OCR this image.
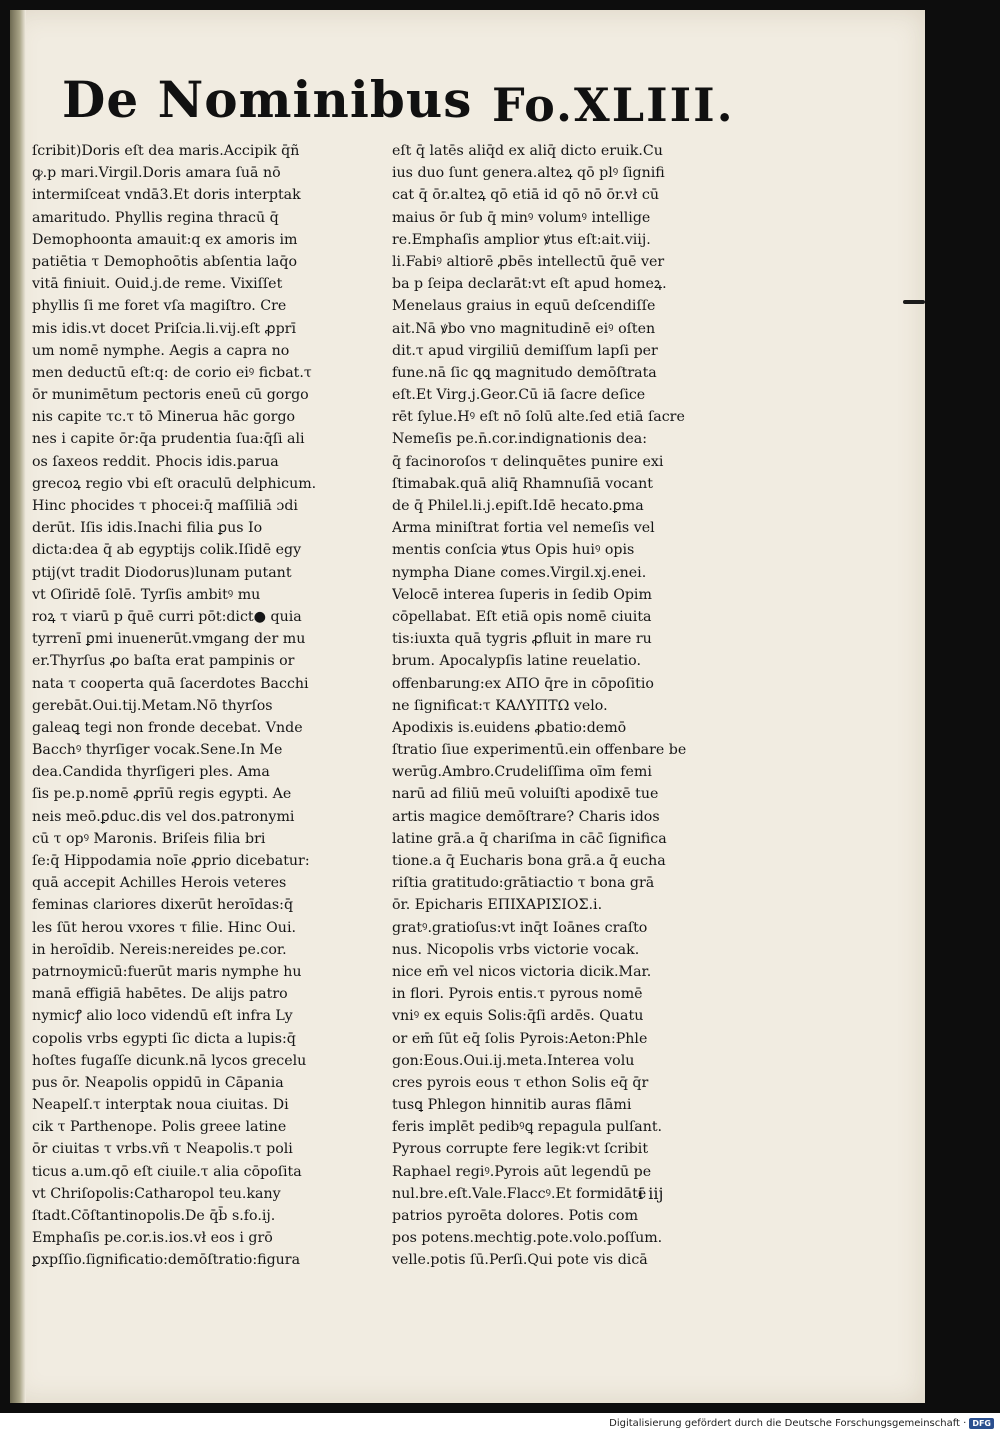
De Nominibus Fo.XLIII.
ſcribit)Doris eſt dea maris.Accipik q̄ñ
ꝙ.p mari.Virgil.Doris amara ſuā nō
intermiſceat vndā3.Et doris interptak
amaritudo. Phyllis regina thracū q̄
Demophoonta amauit:q ex amoris im
patiētia τ Demophoōtis abſentia laq̄o
vitā finiuit. Ouid.j.de reme. Vixiſſet
phyllis ſi me foret vſa magiſtro. Cre
mis idis.vt docet Priſcia.li.vij.eſt ꝓprī
um nomē nymphe. Aegis a capra no
men deductū eſt:q: de corio eiꝰ ficbat.τ
ōr munimētum pectoris eneū cū gorgo
nis capite τc.τ tō Minerua hāc gorgo
nes i capite ōr:q̄a prudentia ſua:q̄ſi ali
os ſaxeos reddit. Phocis idis.parua
grecoꝝ regio vbi eſt oraculū delphicum.
Hinc phocides τ phocei:q̄ maſſiliā ɔdi
derūt. Iſis idis.Inachi filia ꝑus Io
dicta:dea q̄ ab egyptijs colik.Iſidē egy
ptij(vt tradit Diodorus)lunam putant
vt Oſiridē ſolē. Tyrſis ambitꝰ mu
roꝝ τ viarū p q̄uē curri pōt:dict● quia
tyrrenī ꝑmi inuenerūt.vmgang der mu
er.Thyrſus ꝓo baſta erat pampinis or
nata τ cooperta quā ſacerdotes Bacchi
gerebāt.Oui.tij.Metam.Nō thyrſos
galeaꝗ tegi non fronde decebat. Vnde
Bacchꝰ thyrſiger vocak.Sene.In Me
dea.Candida thyrſigeri ples. Ama
ſis pe.p.nomē ꝓprīū regis egypti. Ae
neis meō.ꝑduc.dis vel dos.patronymi
cū τ opꝰ Maronis. Briſeis filia bri
ſe:q̄ Hippodamia noīe ꝓprio dicebatur:
quā accepit Achilles Herois veteres
feminas clariores dixerūt heroīdas:q̄
les ſūt herou vxores τ filie. Hinc Oui.
in heroīdib. Nereis:nereides pe.cor.
patrnoymicū:fuerūt maris nymphe hu
manā effigiā habētes. De alijs patro
nymicꝭ alio loco videndū eſt infra Ly
copolis vrbs egypti ſic dicta a lupis:q̄
hoſtes fugaſſe dicunk.nā lycos grecelu
pus ōr. Neapolis oppidū in Cāpania
Neapelſ.τ interptak noua ciuitas. Di
cik τ Parthenope. Polis greee latine
ōr ciuitas τ vrbs.vñ τ Neapolis.τ poli
ticus a.um.qō eſt ciuile.τ alia cōpoſita
vt Chriſopolis:Catharopol teu.kany
ſtadt.Cōſtantinopolis.De q̄b̄ s.fo.ij.
Emphaſis pe.cor.is.ios.vł eos i grō
ꝑxpſſio.ſignificatio:demōſtratio:figura
eſt q̄ latēs aliq̄d ex aliq̄ dicto eruik.Cu
ius duo ſunt genera.alteꝝ qō plꝰ ſignifi
cat q̄ ōr.alteꝝ qō etiā id qō nō ōr.vł cū
maius ōr ſub q̄ minꝰ volumꝰ intellige
re.Emphaſis amplior ꝟtus eſt:ait.viij.
li.Fabiꝰ altiorē ꝓbēs intellectū q̄uē ver
ba p ſeipa declarāt:vt eſt apud homeꝝ.
Menelaus graius in equū deſcendiſſe
ait.Nā ꝟbo vno magnitudinē eiꝰ oſten
dit.τ apud virgiliū demiſſum lapſi per
fune.nā ſic ꝗꝗ magnitudo demōſtrata
eſt.Et Virg.j.Geor.Cū iā ſacre deſice
rēt ſylue.Hꝰ eſt nō ſolū alte.ſed etiā ſacre
Nemeſis pe.n̄.cor.indignationis dea:
q̄ facinoroſos τ delinquētes punire exi
ſtimabak.quā aliq̄ Rhamnuſiā vocant
de q̄ Philel.li.j.epiſt.Idē hecato.ꝑma
Arma miniſtrat fortia vel nemeſis vel
mentis conſcia ꝟtus Opis huiꝰ opis
nympha Diane comes.Virgil.xj.enei.
Velocē interea ſuperis in ſedib Opim
cōpellabat. Eſt etiā opis nomē ciuita
tis:iuxta quā tygris ꝓfluit in mare ru
brum. Apocalypſis latine reuelatio.
offenbarung:ex ΑΠΟ q̄re in cōpoſitio
ne ſignificat:τ ΚΑΛΥΠΤΩ velo.
Apodixis is.euidens ꝓbatio:demō
ſtratio ſiue experimentū.ein offenbare be
werūg.Ambro.Crudeliſſima oīm femi
narū ad filiū meū voluiſti apodixē tue
artis magice demōſtrare? Charis idos
latine grā.a q̄ chariſma in cāc̄ ſignifica
tione.a q̄ Eucharis bona grā.a q̄ eucha
riſtia gratitudo:grātiactio τ bona grā
ōr. Epicharis ΕΠΙΧΑΡΙΣΙΟΣ.i.
gratꝰ.gratioſus:vt inq̄t Ioānes craſto
nus. Nicopolis vrbs victorie vocak.
nice em̄ vel nicos victoria dicik.Mar.
in flori. Pyrois entis.τ pyrous nomē
vniꝰ ex equis Solis:q̄ſi ardēs. Quatu
or em̄ ſūt eq̄ ſolis Pyrois:Aeton:Phle
gon:Eous.Oui.ij.meta.Interea volu
cres pyrois eous τ ethon Solis eq̄ q̄r
tusꝗ Phlegon hinnitib auras flāmi
feris implēt pedibꝰꝗ repagula pulſant.
Pyrous corrupte fere legik:vt ſcribit
Raphael regiꝰ.Pyrois aūt legendū pe
nul.bre.eſt.Vale.Flaccꝰ.Et formidātē
patrios pyroēta dolores. Potis com
pos potens.mechtig.pote.volo.poſſum.
velle.potis ſū.Perſi.Qui pote vis dicā
i iij
Digitalisierung gefördert durch die Deutsche Forschungsgemeinschaft · DFG
